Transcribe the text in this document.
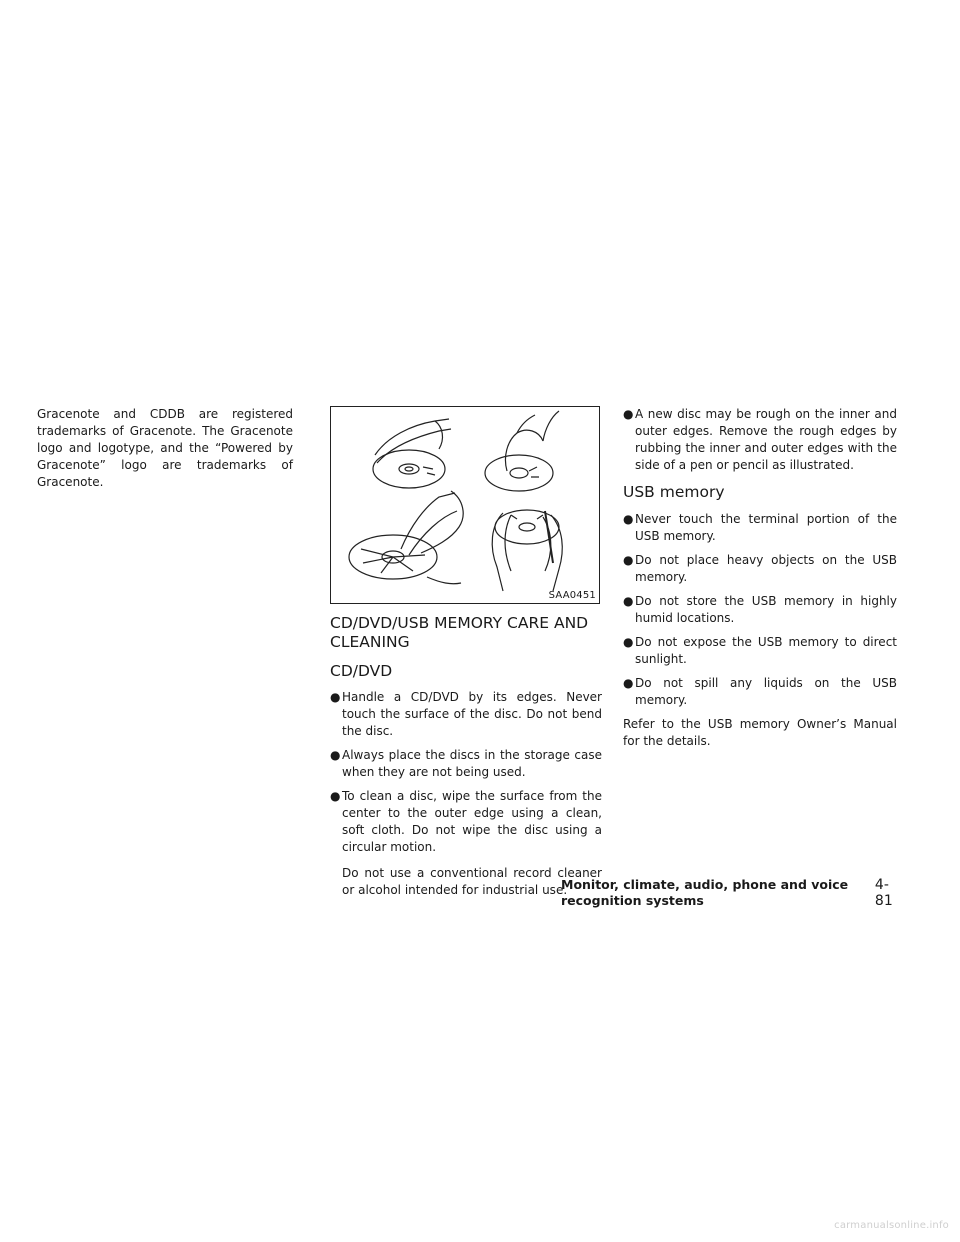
Gracenote and CDDB are registered trademarks of Gracenote. The Gracenote logo and logotype, and the “Powered by Gracenote” logo are trademarks of Gracenote.

SAA0451
CD/DVD/USB MEMORY CARE AND CLEANING
CD/DVD
● Handle a CD/DVD by its edges. Never touch the surface of the disc. Do not bend the disc.
● Always place the discs in the storage case when they are not being used.
● To clean a disc, wipe the surface from the center to the outer edge using a clean, soft cloth. Do not wipe the disc using a circular motion.

Do not use a conventional record cleaner or alcohol intended for industrial use.

● A new disc may be rough on the inner and outer edges. Remove the rough edges by rubbing the inner and outer edges with the side of a pen or pencil as illustrated.
USB memory
● Never touch the terminal portion of the USB memory.
● Do not place heavy objects on the USB memory.
● Do not store the USB memory in highly humid locations.
● Do not expose the USB memory to direct sunlight.
● Do not spill any liquids on the USB memory.

Refer to the USB memory Owner’s Manual for the details.

Monitor, climate, audio, phone and voice recognition systems
4-81
carmanualsonline.info
